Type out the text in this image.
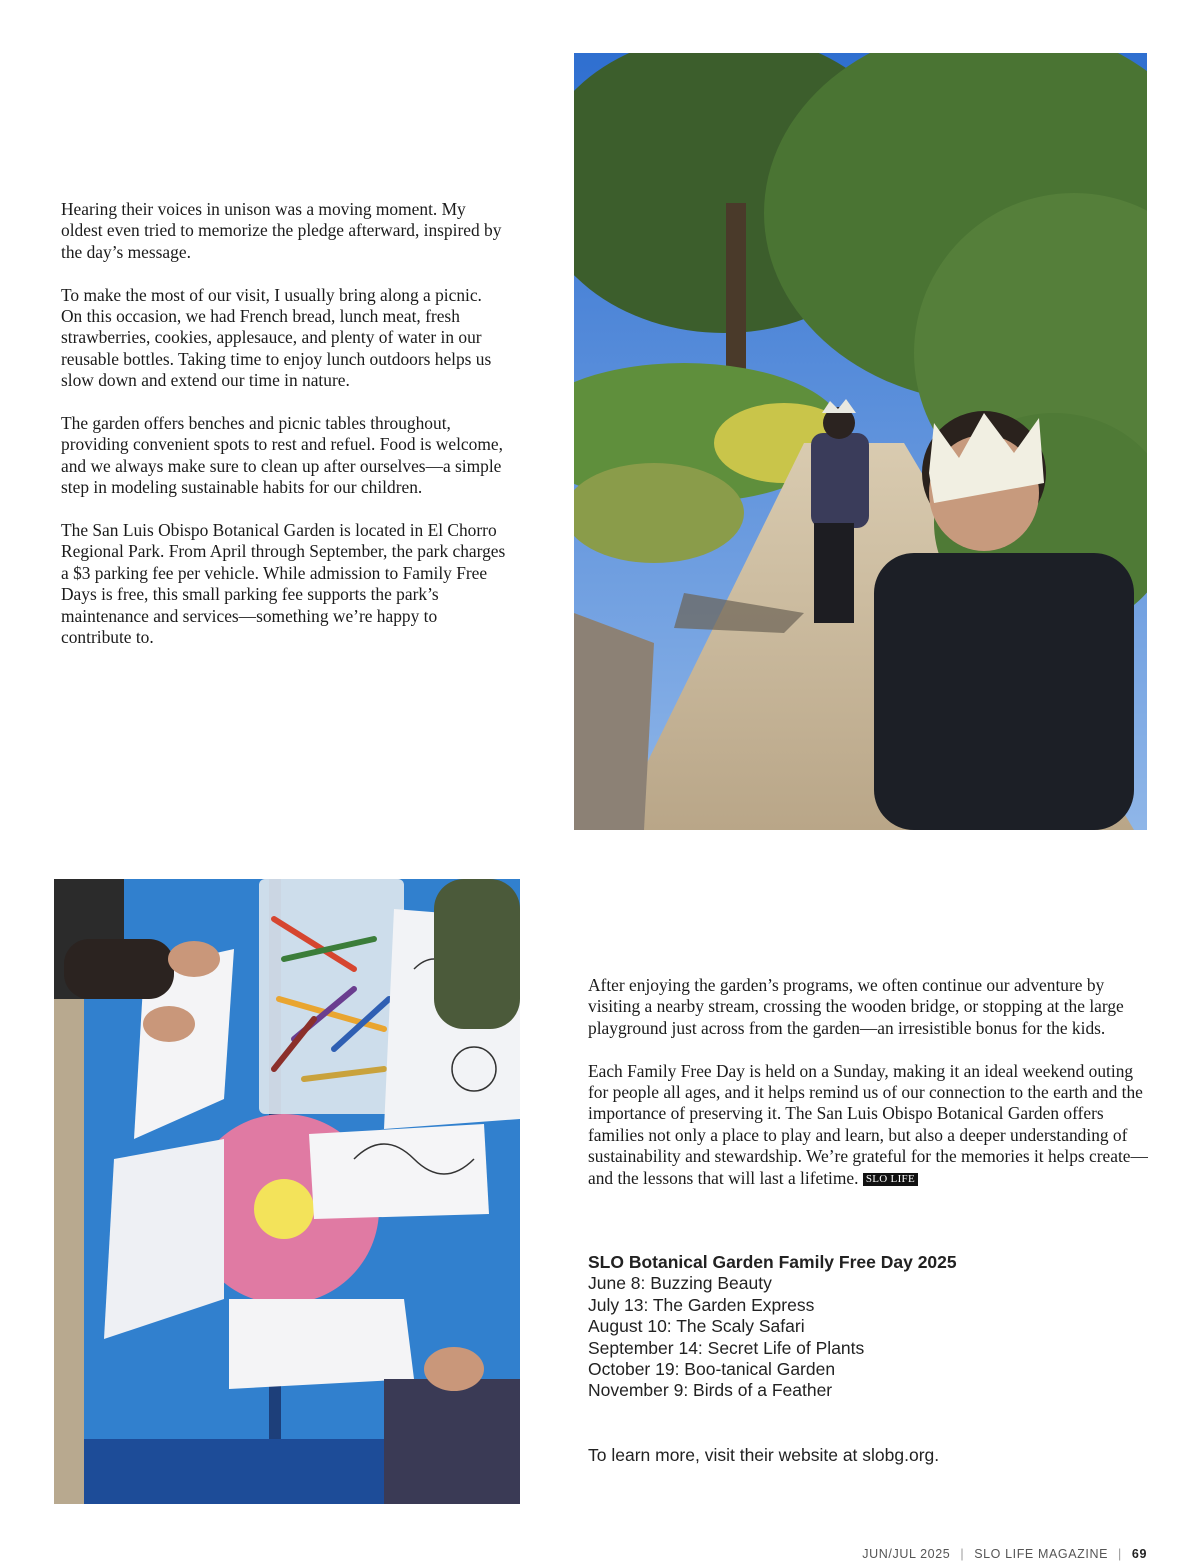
Hearing their voices in unison was a moving moment. My oldest even tried to memorize the pledge afterward, inspired by the day’s message.

To make the most of our visit, I usually bring along a picnic. On this occasion, we had French bread, lunch meat, fresh strawberries, cookies, applesauce, and plenty of water in our reusable bottles. Taking time to enjoy lunch outdoors helps us slow down and extend our time in nature.

The garden offers benches and picnic tables throughout, providing convenient spots to rest and refuel. Food is welcome, and we always make sure to clean up after ourselves—a simple step in modeling sustainable habits for our children.

The San Luis Obispo Botanical Garden is located in El Chorro Regional Park. From April through September, the park charges a $3 parking fee per vehicle. While admission to Family Free Days is free, this small parking fee supports the park’s maintenance and services—something we’re happy to contribute to.

After enjoying the garden’s programs, we often continue our adventure by visiting a nearby stream, crossing the wooden bridge, or stopping at the large playground just across from the garden—an irresistible bonus for the kids.

Each Family Free Day is held on a Sunday, making it an ideal weekend outing for people all ages, and it helps remind us of our connection to the earth and the importance of preserving it. The San Luis Obispo Botanical Garden offers families not only a place to play and learn, but also a deeper understanding of sustainability and stewardship. We’re grateful for the memories it helps create—and the lessons that will last a lifetime. SLO LIFE

SLO Botanical Garden Family Free Day 2025
June 8: Buzzing Beauty
July 13: The Garden Express
August 10: The Scaly Safari
September 14: Secret Life of Plants
October 19: Boo-tanical Garden
November 9: Birds of a Feather
To learn more, visit their website at slobg.org.
JUN/JUL 2025 | SLO LIFE MAGAZINE | 69
